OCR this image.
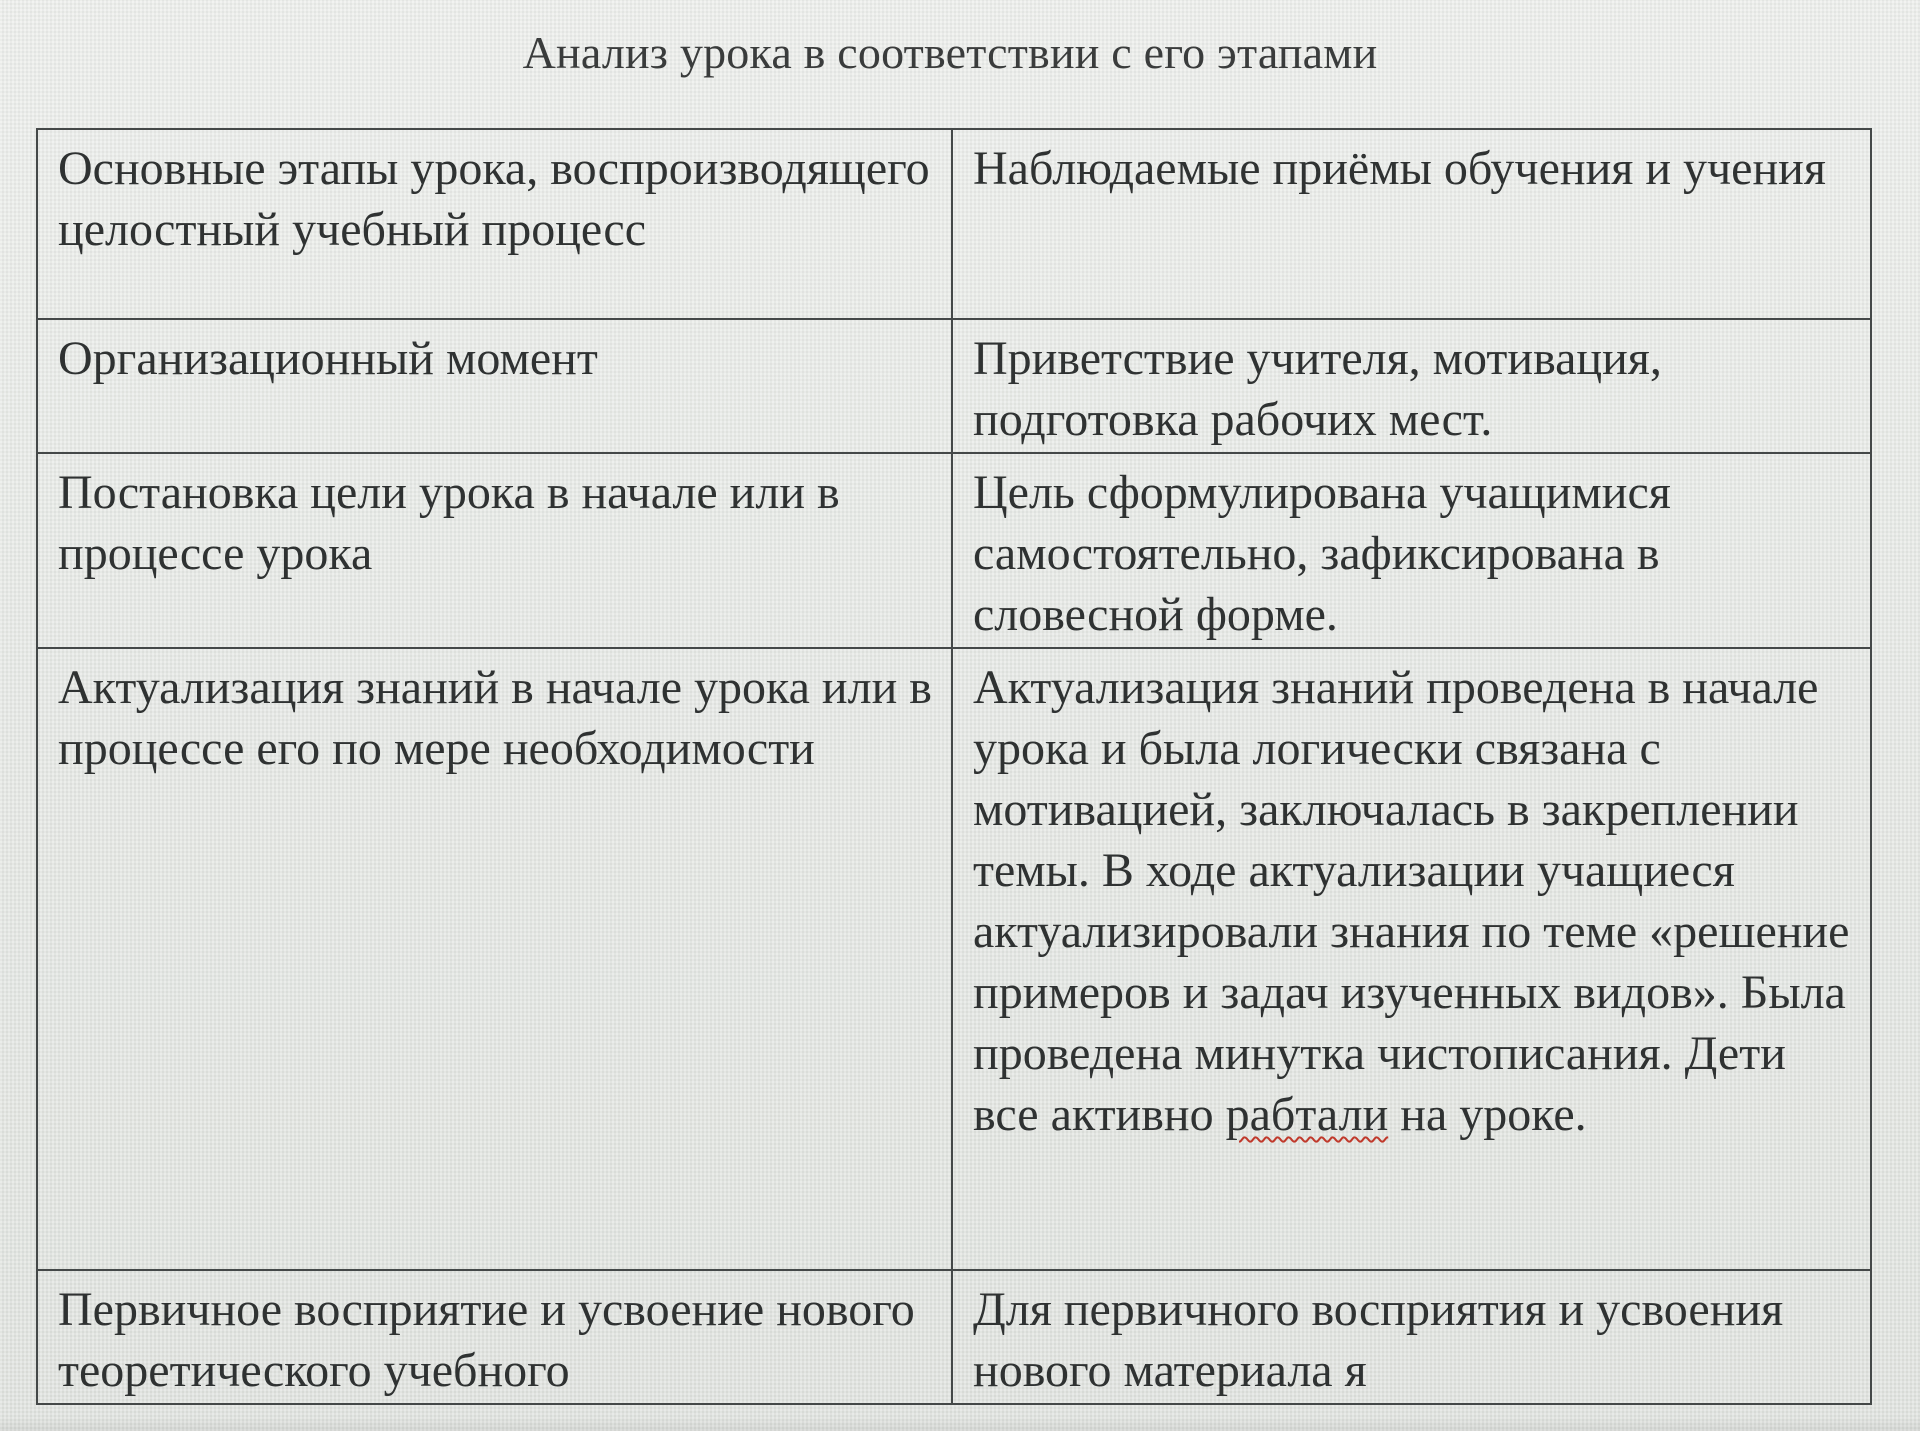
Анализ урока в соответствии с его этапами
Основные этапы урока, воспроизводящего целостный учебный процесс	Наблюдаемые приёмы обучения и учения
Организационный момент	Приветствие учителя, мотивация, подготовка рабочих мест.
Постановка цели урока в начале или в процессе урока	Цель сформулирована учащимися самостоятельно, зафиксирована в словесной форме.
Актуализация знаний в начале урока или в процессе его по мере необходимости	Актуализация знаний проведена в начале урока и была логически связана с мотивацией, заключалась в закреплении темы. В ходе актуализации учащиеся актуализировали знания по теме «решение примеров и задач изученных видов». Была проведена минутка чистописания. Дети все активно рабтали на уроке.
Первичное восприятие и усвоение нового теоретического учебного	Для первичного восприятия и усвоения нового материала я
